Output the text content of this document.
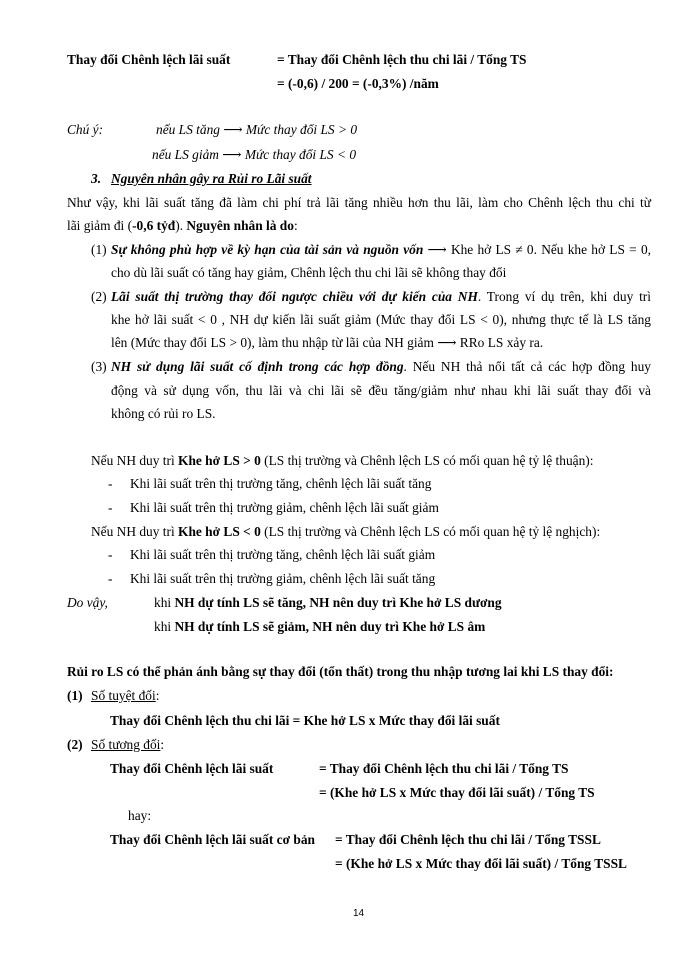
Thay đổi Chênh lệch lãi suất	= Thay đổi Chênh lệch thu chi lãi / Tổng TS
= (-0,6) / 200 = (-0,3%) /năm
Chú ý:	nếu LS tăng ⟶ Mức thay đổi LS > 0
nếu LS giảm ⟶ Mức thay đổi LS < 0
3. Nguyên nhân gây ra Rủi ro Lãi suất
Như vậy, khi lãi suất tăng đã làm chi phí trả lãi tăng nhiều hơn thu lãi, làm cho Chênh lệch thu chi từ
lãi giảm đi (-0,6 tỷđ). Nguyên nhân là do:
(1) Sự không phù hợp về kỳ hạn của tài sản và nguồn vốn ⟶ Khe hở LS ≠ 0. Nếu khe hở LS = 0,
cho dù lãi suất có tăng hay giảm, Chênh lệch thu chi lãi sẽ không thay đổi
(2) Lãi suất thị trường thay đổi ngược chiều với dự kiến của NH. Trong ví dụ trên, khi duy trì
khe hở lãi suất < 0 , NH dự kiến lãi suất giảm (Mức thay đổi LS < 0), nhưng thực tế là LS tăng
lên (Mức thay đổi LS > 0), làm thu nhập từ lãi của NH giảm ⟶ RRo LS xảy ra.
(3) NH sử dụng lãi suất cố định trong các hợp đồng. Nếu NH thả nổi tất cả các hợp đồng huy
động và sử dụng vốn, thu lãi và chi lãi sẽ đều tăng/giảm như nhau khi lãi suất thay đổi và
không có rủi ro LS.
Nếu NH duy trì Khe hở LS > 0 (LS thị trường và Chênh lệch LS có mối quan hệ tỷ lệ thuận):
- Khi lãi suất trên thị trường tăng, chênh lệch lãi suất tăng
- Khi lãi suất trên thị trường giảm, chênh lệch lãi suất giảm
Nếu NH duy trì Khe hở LS < 0 (LS thị trường và Chênh lệch LS có mối quan hệ tỷ lệ nghịch):
- Khi lãi suất trên thị trường tăng, chênh lệch lãi suất giảm
- Khi lãi suất trên thị trường giảm, chênh lệch lãi suất tăng
Do vậy,	khi NH dự tính LS sẽ tăng, NH nên duy trì Khe hở LS dương
khi NH dự tính LS sẽ giảm, NH nên duy trì Khe hở LS âm
Rủi ro LS có thể phản ánh bằng sự thay đổi (tổn thất) trong thu nhập tương lai khi LS thay đổi:
(1) Số tuyệt đối:
Thay đổi Chênh lệch thu chi lãi = Khe hở LS x Mức thay đổi lãi suất
(2) Số tương đối:
Thay đổi Chênh lệch lãi suất	= Thay đổi Chênh lệch thu chi lãi / Tổng TS
= (Khe hở LS x Mức thay đổi lãi suất) / Tổng TS
hay:
Thay đổi Chênh lệch lãi suất cơ bản = Thay đổi Chênh lệch thu chi lãi / Tổng TSSL
= (Khe hở LS x Mức thay đổi lãi suất) / Tổng TSSL
14
